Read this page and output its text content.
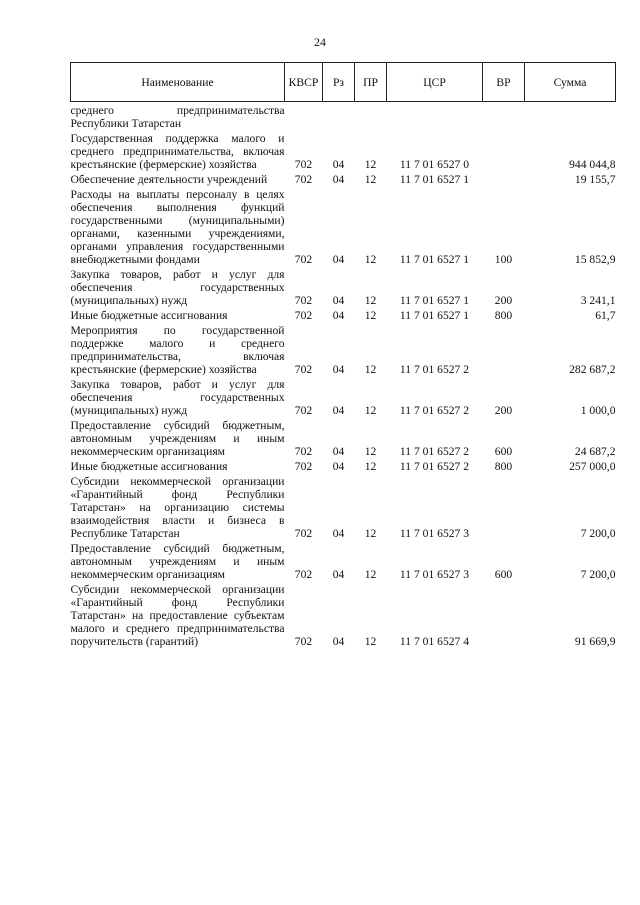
24
Наименование	КВСР	Рз	ПР	ЦСР	ВР	Сумма
среднего предпринимательства Республики Татарстан						
Государственная поддержка малого и среднего предпринимательства, включая крестьянские (фермерские) хозяйства	702	04	12	11 7 01 6527 0		944 044,8
Обеспечение деятельности учреждений	702	04	12	11 7 01 6527 1		19 155,7
Расходы на выплаты персоналу в целях обеспечения выполнения функций государственными (муниципальными) органами, казенными учреждениями, органами управления государственными внебюджетными фондами	702	04	12	11 7 01 6527 1	100	15 852,9
Закупка товаров, работ и услуг для обеспечения государственных (муниципальных) нужд	702	04	12	11 7 01 6527 1	200	3 241,1
Иные бюджетные ассигнования	702	04	12	11 7 01 6527 1	800	61,7
Мероприятия по государственной поддержке малого и среднего предпринимательства, включая крестьянские (фермерские) хозяйства	702	04	12	11 7 01 6527 2		282 687,2
Закупка товаров, работ и услуг для обеспечения государственных (муниципальных) нужд	702	04	12	11 7 01 6527 2	200	1 000,0
Предоставление субсидий бюджетным, автономным учреждениям и иным некоммерческим организациям	702	04	12	11 7 01 6527 2	600	24 687,2
Иные бюджетные ассигнования	702	04	12	11 7 01 6527 2	800	257 000,0
Субсидии некоммерческой организации «Гарантийный фонд Республики Татарстан» на организацию системы взаимодействия власти и бизнеса в Республике Татарстан	702	04	12	11 7 01 6527 3		7 200,0
Предоставление субсидий бюджетным, автономным учреждениям и иным некоммерческим организациям	702	04	12	11 7 01 6527 3	600	7 200,0
Субсидии некоммерческой организации «Гарантийный фонд Республики Татарстан» на предоставление субъектам малого и среднего предпринимательства поручительств (гарантий)	702	04	12	11 7 01 6527 4		91 669,9
